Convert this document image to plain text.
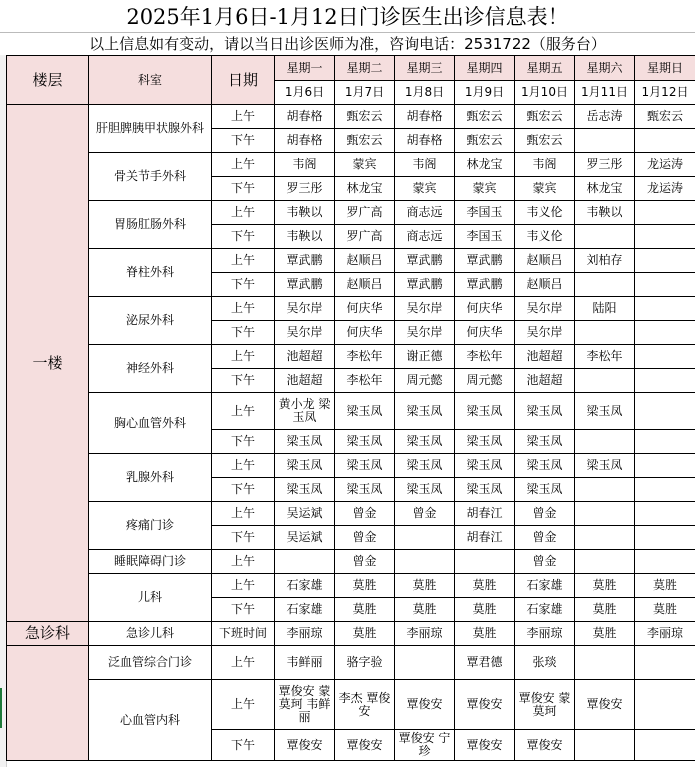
2025年1月6日-1月12日门诊医生出诊信息表！
以上信息如有变动，请以当日出诊医师为准，咨询电话：2531722（服务台）
楼层	科室	日期	星期一	星期二	星期三	星期四	星期五	星期六	星期日
			1月6日	1月7日	1月8日	1月9日	1月10日	1月11日	1月12日
一楼	肝胆脾胰甲状腺外科	上午	胡春格	甄宏云	胡春格	甄宏云	甄宏云	岳志涛	甄宏云
		下午	胡春格	甄宏云	胡春格	甄宏云	甄宏云		
	骨关节手外科	上午	韦阁	蒙宾	韦阁	林龙宝	韦阁	罗三彤	龙运涛
		下午	罗三彤	林龙宝	蒙宾	蒙宾	蒙宾	林龙宝	龙运涛
	胃肠肛肠外科	上午	韦鞅以	罗广高	商志远	李国玉	韦义伦	韦鞅以	
		下午	韦鞅以	罗广高	商志远	李国玉	韦义伦		
	脊柱外科	上午	覃武鹏	赵顺吕	覃武鹏	覃武鹏	赵顺吕	刘柏存	
		下午	覃武鹏	赵顺吕	覃武鹏	覃武鹏	赵顺吕		
	泌尿外科	上午	吴尔岸	何庆华	吴尔岸	何庆华	吴尔岸	陆阳	
		下午	吴尔岸	何庆华	吴尔岸	何庆华	吴尔岸		
	神经外科	上午	池超超	李松年	谢正德	李松年	池超超	李松年	
		下午	池超超	李松年	周元懿	周元懿	池超超		
	胸心血管外科	上午	黄小龙 梁玉凤	梁玉凤	梁玉凤	梁玉凤	梁玉凤	梁玉凤	
		下午	梁玉凤	梁玉凤	梁玉凤	梁玉凤	梁玉凤		
	乳腺外科	上午	梁玉凤	梁玉凤	梁玉凤	梁玉凤	梁玉凤	梁玉凤	
		下午	梁玉凤	梁玉凤	梁玉凤	梁玉凤	梁玉凤		
	疼痛门诊	上午	吴运斌	曾金	曾金	胡春江	曾金		
		下午	吴运斌	曾金		胡春江	曾金		
	睡眠障碍门诊	上午		曾金			曾金		
	儿科	上午	石家雄	莫胜	莫胜	莫胜	石家雄	莫胜	莫胜
		下午	石家雄	莫胜	莫胜	莫胜	石家雄	莫胜	莫胜
急诊科	急诊儿科	下班时间	李丽琼	莫胜	李丽琼	莫胜	李丽琼	莫胜	李丽琼
	泛血管综合门诊	上午	韦鲜丽	骆字验		覃君德	张琰		
	心血管内科	上午	覃俊安 蒙莫珂 韦鲜丽	李杰 覃俊安	覃俊安	覃俊安	覃俊安 蒙莫珂	覃俊安	
		下午	覃俊安	覃俊安	覃俊安 宁珍	覃俊安	覃俊安		
